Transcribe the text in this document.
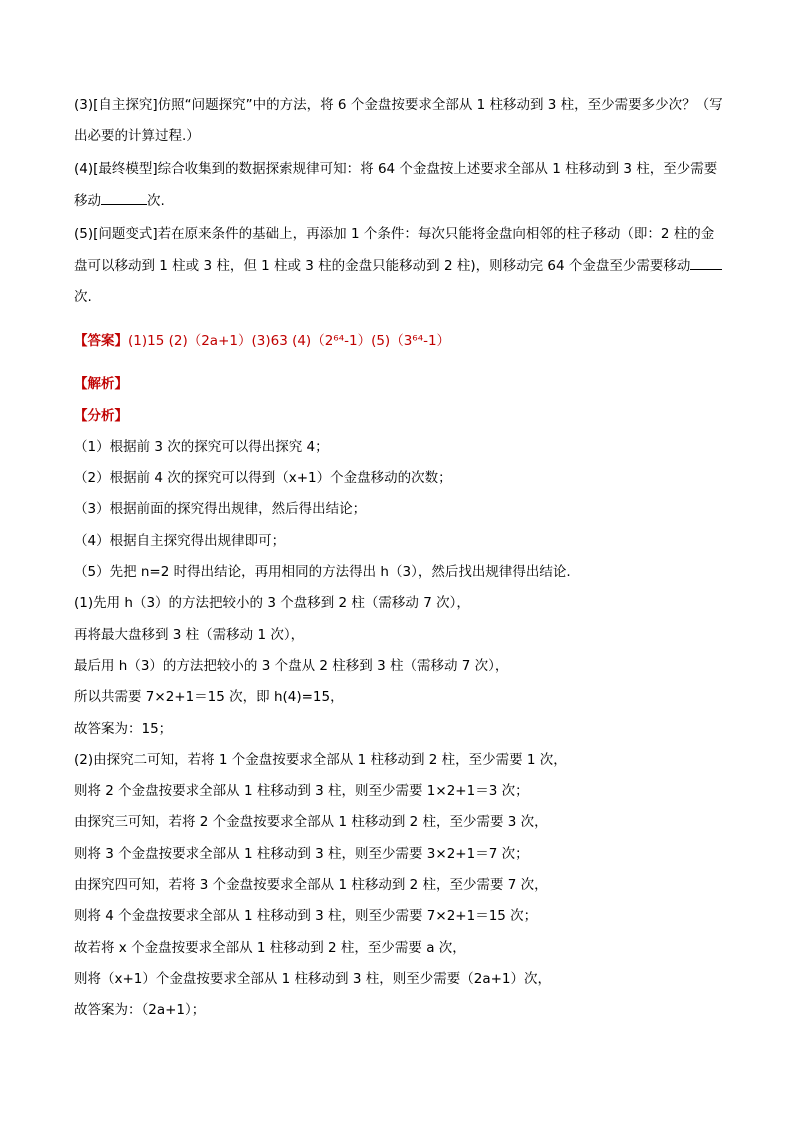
(3)[自主探究]仿照“问题探究”中的方法，将 6 个金盘按要求全部从 1 柱移动到 3 柱，至少需要多少次？（写

出必要的计算过程.）

(4)[最终模型]综合收集到的数据探索规律可知：将 64 个金盘按上述要求全部从 1 柱移动到 3 柱，至少需要

移动	次.

(5)[问题变式]若在原来条件的基础上，再添加 1 个条件：每次只能将金盘向相邻的柱子移动（即：2 柱的金

盘可以移动到 1 柱或 3 柱，但 1 柱或 3 柱的金盘只能移动到 2 柱)，则移动完 64 个金盘至少需要移动

次.

【答案】(1)15 (2)（2a+1）(3)63 (4)（2⁶⁴-1）(5)（3⁶⁴-1）
【解析】
【分析】
（1）根据前 3 次的探究可以得出探究 4；
（2）根据前 4 次的探究可以得到（x+1）个金盘移动的次数；
（3）根据前面的探究得出规律，然后得出结论；
（4）根据自主探究得出规律即可；
（5）先把 n=2 时得出结论，再用相同的方法得出 h（3），然后找出规律得出结论.
(1)先用 h（3）的方法把较小的 3 个盘移到 2 柱（需移动 7 次），
再将最大盘移到 3 柱（需移动 1 次），
最后用 h（3）的方法把较小的 3 个盘从 2 柱移到 3 柱（需移动 7 次），
所以共需要 7×2+1＝15 次，即 h(4)=15，
故答案为：15；
(2)由探究二可知，若将 1 个金盘按要求全部从 1 柱移动到 2 柱，至少需要 1 次，
则将 2 个金盘按要求全部从 1 柱移动到 3 柱，则至少需要 1×2+1＝3 次；
由探究三可知，若将 2 个金盘按要求全部从 1 柱移动到 2 柱，至少需要 3 次，
则将 3 个金盘按要求全部从 1 柱移动到 3 柱，则至少需要 3×2+1＝7 次；
由探究四可知，若将 3 个金盘按要求全部从 1 柱移动到 2 柱，至少需要 7 次，
则将 4 个金盘按要求全部从 1 柱移动到 3 柱，则至少需要 7×2+1＝15 次；
故若将 x 个金盘按要求全部从 1 柱移动到 2 柱，至少需要 a 次，
则将（x+1）个金盘按要求全部从 1 柱移动到 3 柱，则至少需要（2a+1）次，
故答案为：（2a+1）；
